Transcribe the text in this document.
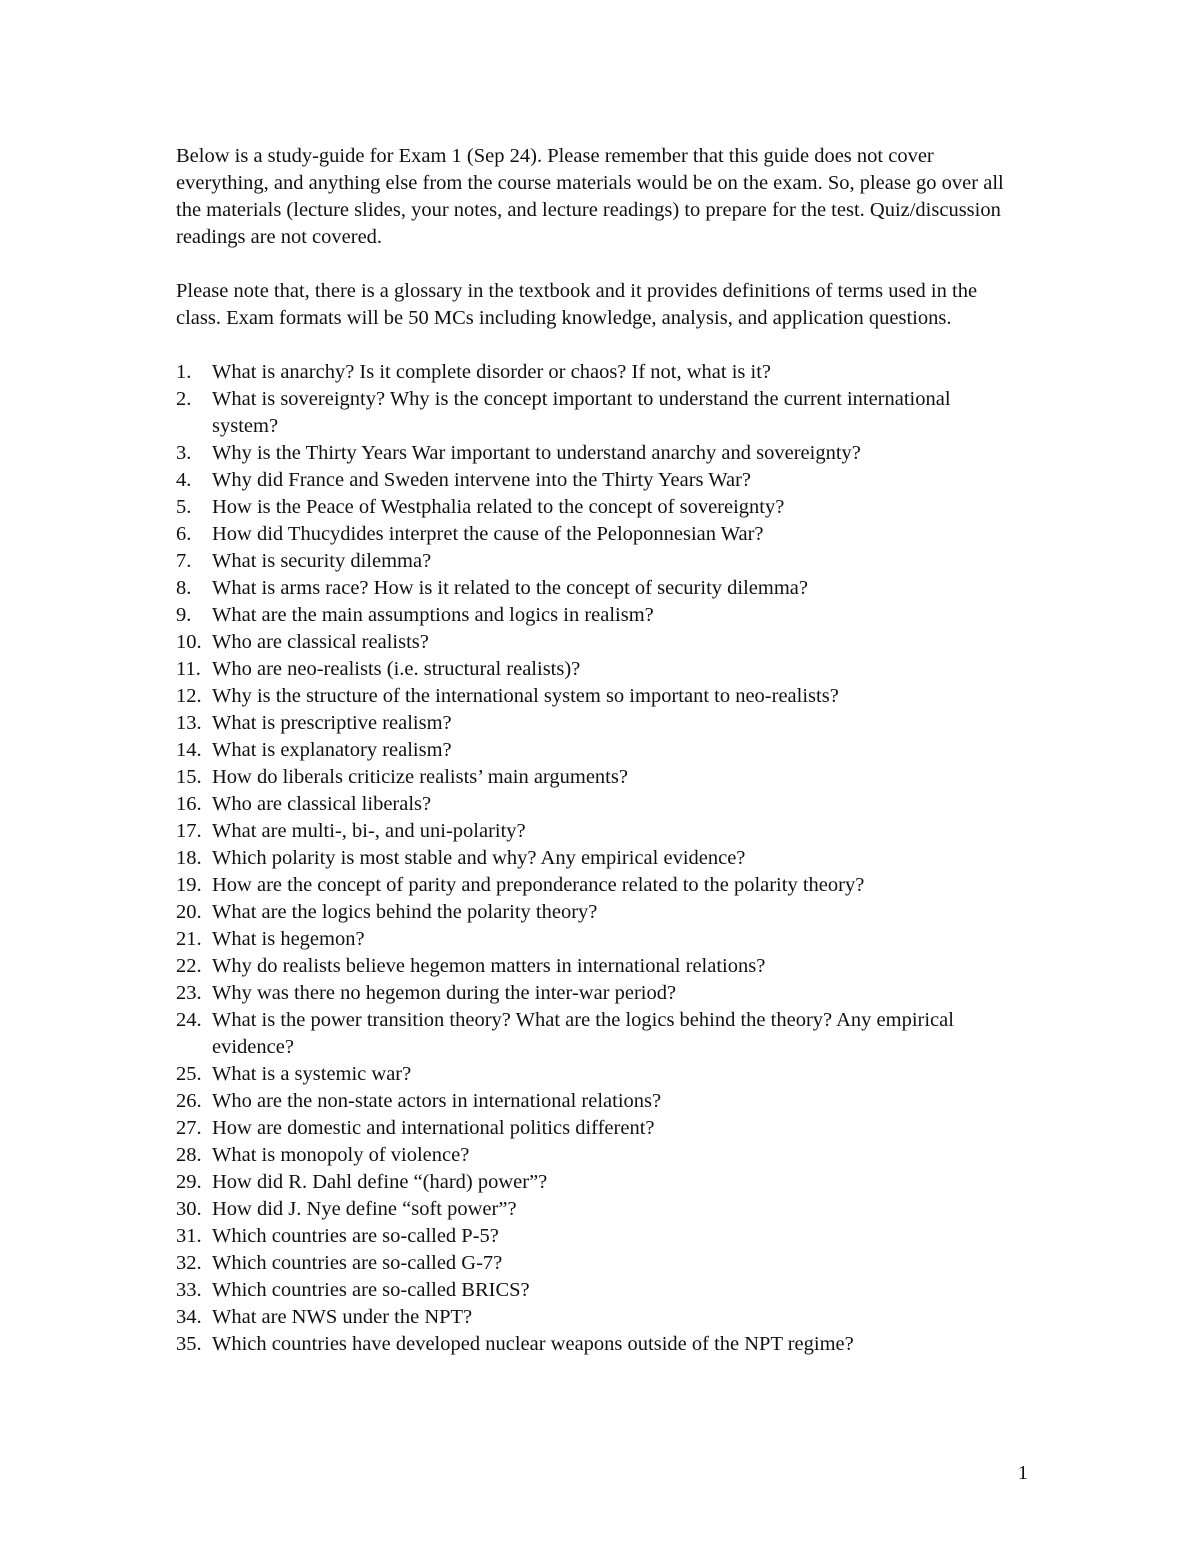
Below is a study-guide for Exam 1 (Sep 24). Please remember that this guide does not cover everything, and anything else from the course materials would be on the exam. So, please go over all the materials (lecture slides, your notes, and lecture readings) to prepare for the test. Quiz/discussion readings are not covered.

Please note that, there is a glossary in the textbook and it provides definitions of terms used in the class. Exam formats will be 50 MCs including knowledge, analysis, and application questions.

1.	What is anarchy? Is it complete disorder or chaos? If not, what is it?
2.	What is sovereignty? Why is the concept important to understand the current international system?
3.	Why is the Thirty Years War important to understand anarchy and sovereignty?
4.	Why did France and Sweden intervene into the Thirty Years War?
5.	How is the Peace of Westphalia related to the concept of sovereignty?
6.	How did Thucydides interpret the cause of the Peloponnesian War?
7.	What is security dilemma?
8.	What is arms race? How is it related to the concept of security dilemma?
9.	What are the main assumptions and logics in realism?
10. Who are classical realists?
11. Who are neo-realists (i.e. structural realists)?
12. Why is the structure of the international system so important to neo-realists?
13. What is prescriptive realism?
14. What is explanatory realism?
15. How do liberals criticize realists’ main arguments?
16. Who are classical liberals?
17. What are multi-, bi-, and uni-polarity?
18. Which polarity is most stable and why? Any empirical evidence?
19. How are the concept of parity and preponderance related to the polarity theory?
20. What are the logics behind the polarity theory?
21. What is hegemon?
22. Why do realists believe hegemon matters in international relations?
23. Why was there no hegemon during the inter-war period?
24. What is the power transition theory? What are the logics behind the theory? Any empirical evidence?
25. What is a systemic war?
26. Who are the non-state actors in international relations?
27. How are domestic and international politics different?
28. What is monopoly of violence?
29. How did R. Dahl define “(hard) power”?
30. How did J. Nye define “soft power”?
31. Which countries are so-called P-5?
32. Which countries are so-called G-7?
33. Which countries are so-called BRICS?
34. What are NWS under the NPT?
35. Which countries have developed nuclear weapons outside of the NPT regime?
1
